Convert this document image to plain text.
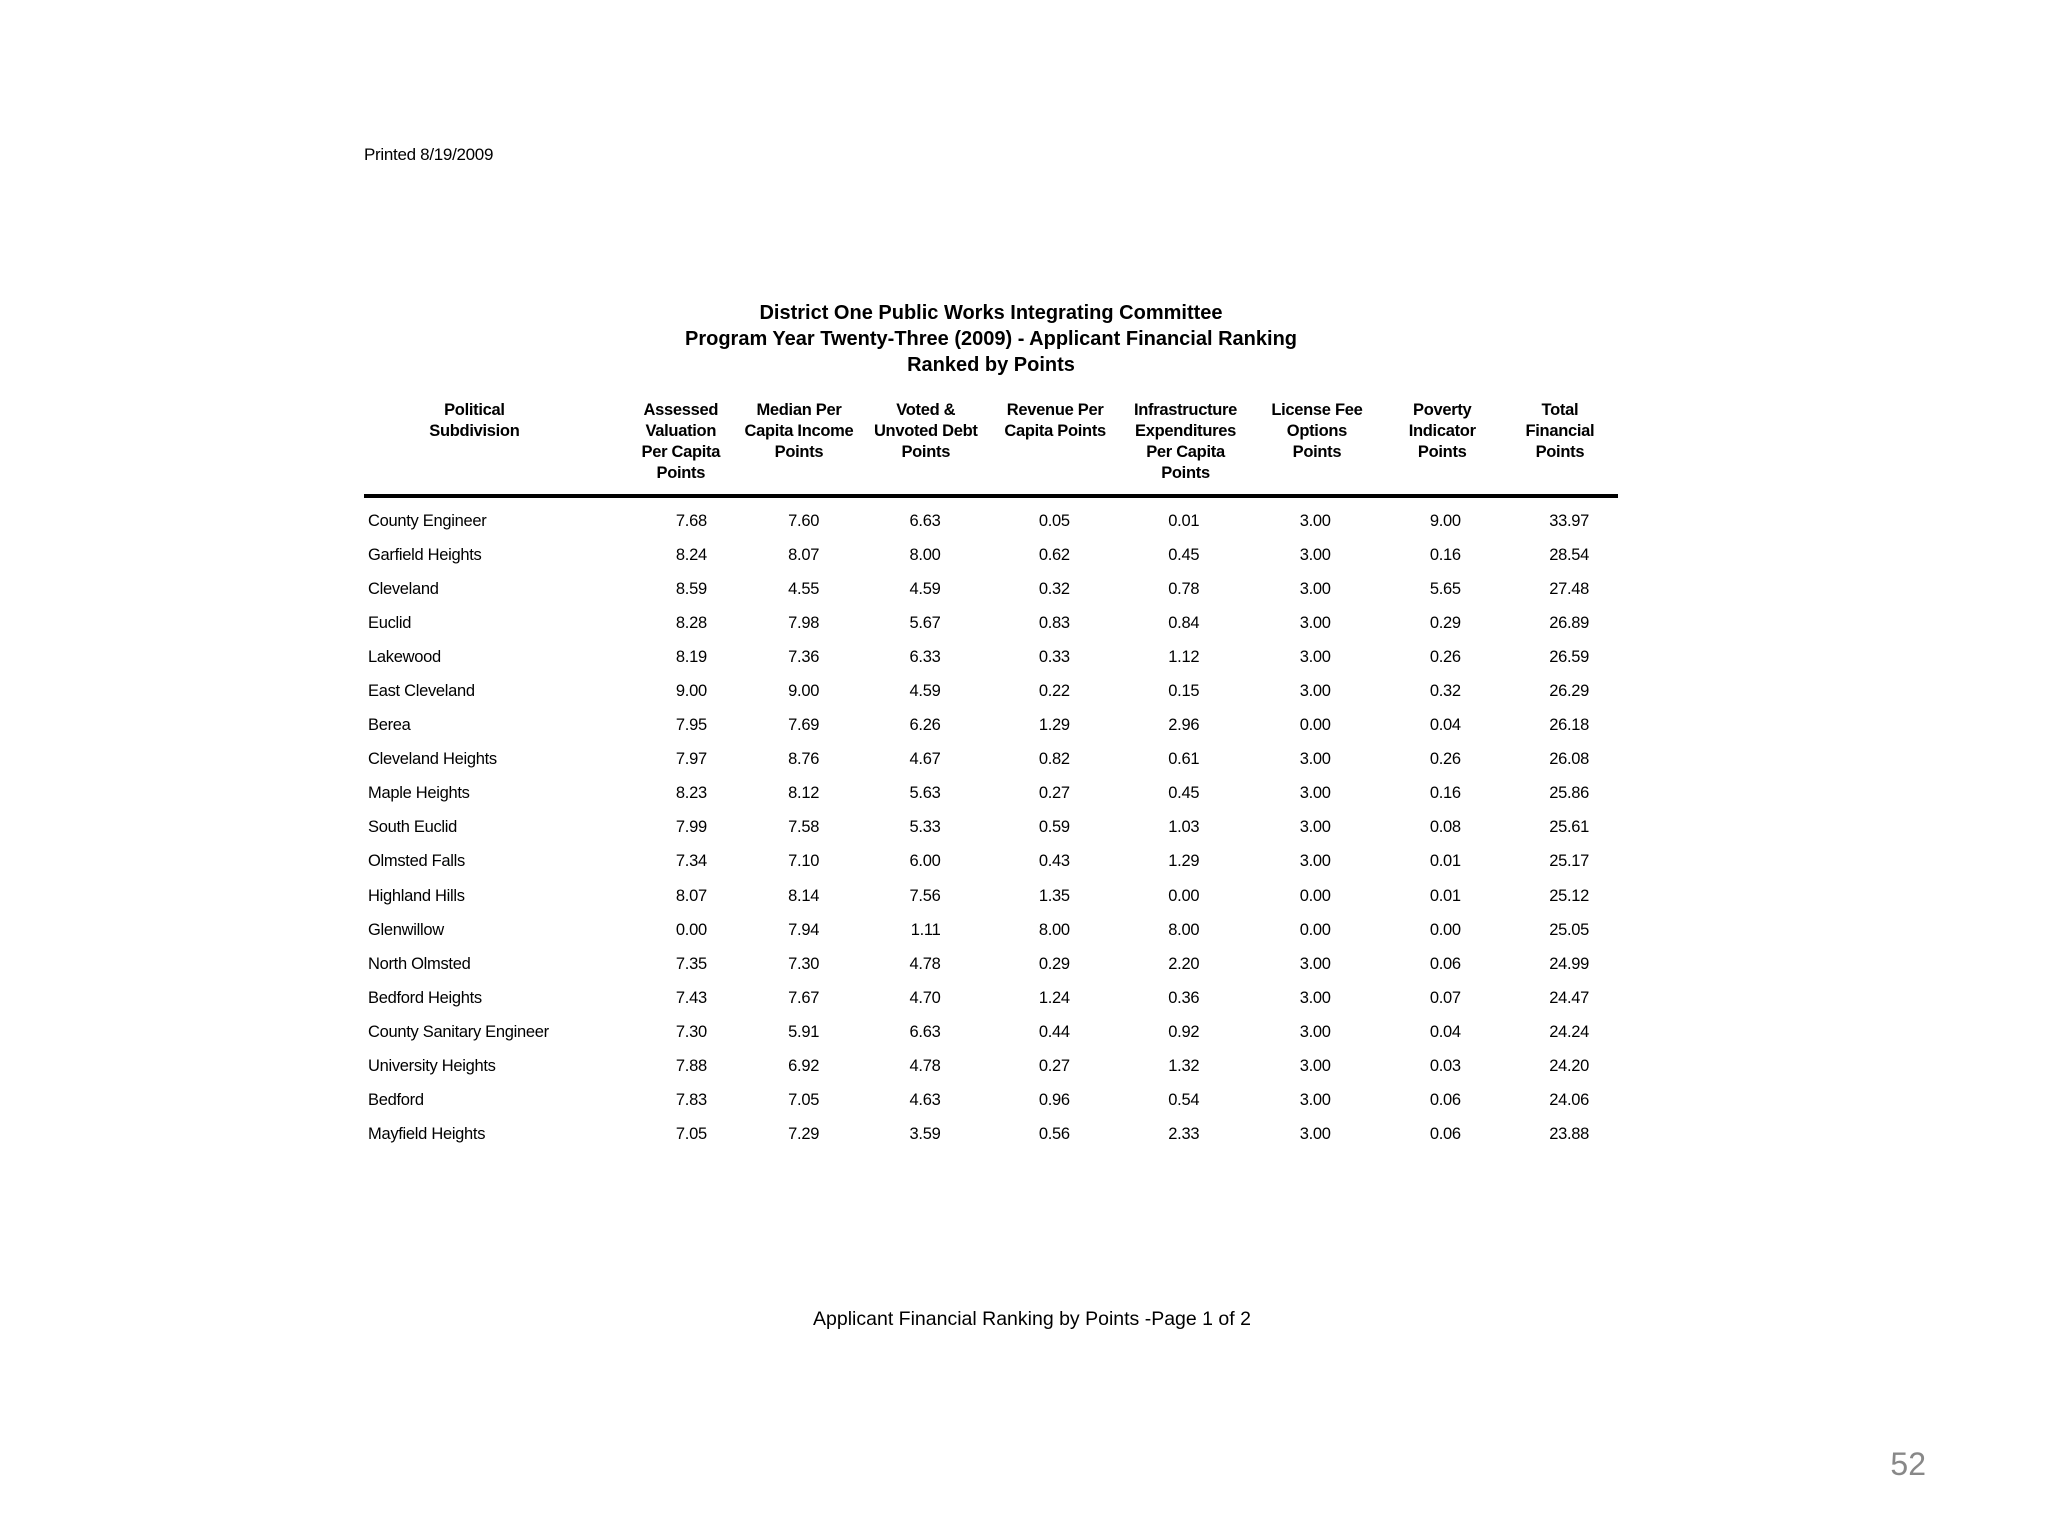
Printed 8/19/2009
District One Public Works Integrating Committee
Program Year Twenty-Three (2009) - Applicant Financial Ranking
Ranked by Points
Political
Subdivision	Assessed
Valuation
Per Capita
Points	Median Per
Capita Income
Points	Voted &
Unvoted Debt
Points	Revenue Per
Capita Points	Infrastructure
Expenditures
Per Capita
Points	License Fee
Options
Points	Poverty
Indicator
Points	Total
Financial
Points
County Engineer	7.68	7.60	6.63	0.05	0.01	3.00	9.00	33.97
Garfield Heights	8.24	8.07	8.00	0.62	0.45	3.00	0.16	28.54
Cleveland	8.59	4.55	4.59	0.32	0.78	3.00	5.65	27.48
Euclid	8.28	7.98	5.67	0.83	0.84	3.00	0.29	26.89
Lakewood	8.19	7.36	6.33	0.33	1.12	3.00	0.26	26.59
East Cleveland	9.00	9.00	4.59	0.22	0.15	3.00	0.32	26.29
Berea	7.95	7.69	6.26	1.29	2.96	0.00	0.04	26.18
Cleveland Heights	7.97	8.76	4.67	0.82	0.61	3.00	0.26	26.08
Maple Heights	8.23	8.12	5.63	0.27	0.45	3.00	0.16	25.86
South Euclid	7.99	7.58	5.33	0.59	1.03	3.00	0.08	25.61
Olmsted Falls	7.34	7.10	6.00	0.43	1.29	3.00	0.01	25.17
Highland Hills	8.07	8.14	7.56	1.35	0.00	0.00	0.01	25.12
Glenwillow	0.00	7.94	1.11	8.00	8.00	0.00	0.00	25.05
North Olmsted	7.35	7.30	4.78	0.29	2.20	3.00	0.06	24.99
Bedford Heights	7.43	7.67	4.70	1.24	0.36	3.00	0.07	24.47
County Sanitary Engineer	7.30	5.91	6.63	0.44	0.92	3.00	0.04	24.24
University Heights	7.88	6.92	4.78	0.27	1.32	3.00	0.03	24.20
Bedford	7.83	7.05	4.63	0.96	0.54	3.00	0.06	24.06
Mayfield Heights	7.05	7.29	3.59	0.56	2.33	3.00	0.06	23.88
Applicant Financial Ranking by Points -Page 1 of 2
52
